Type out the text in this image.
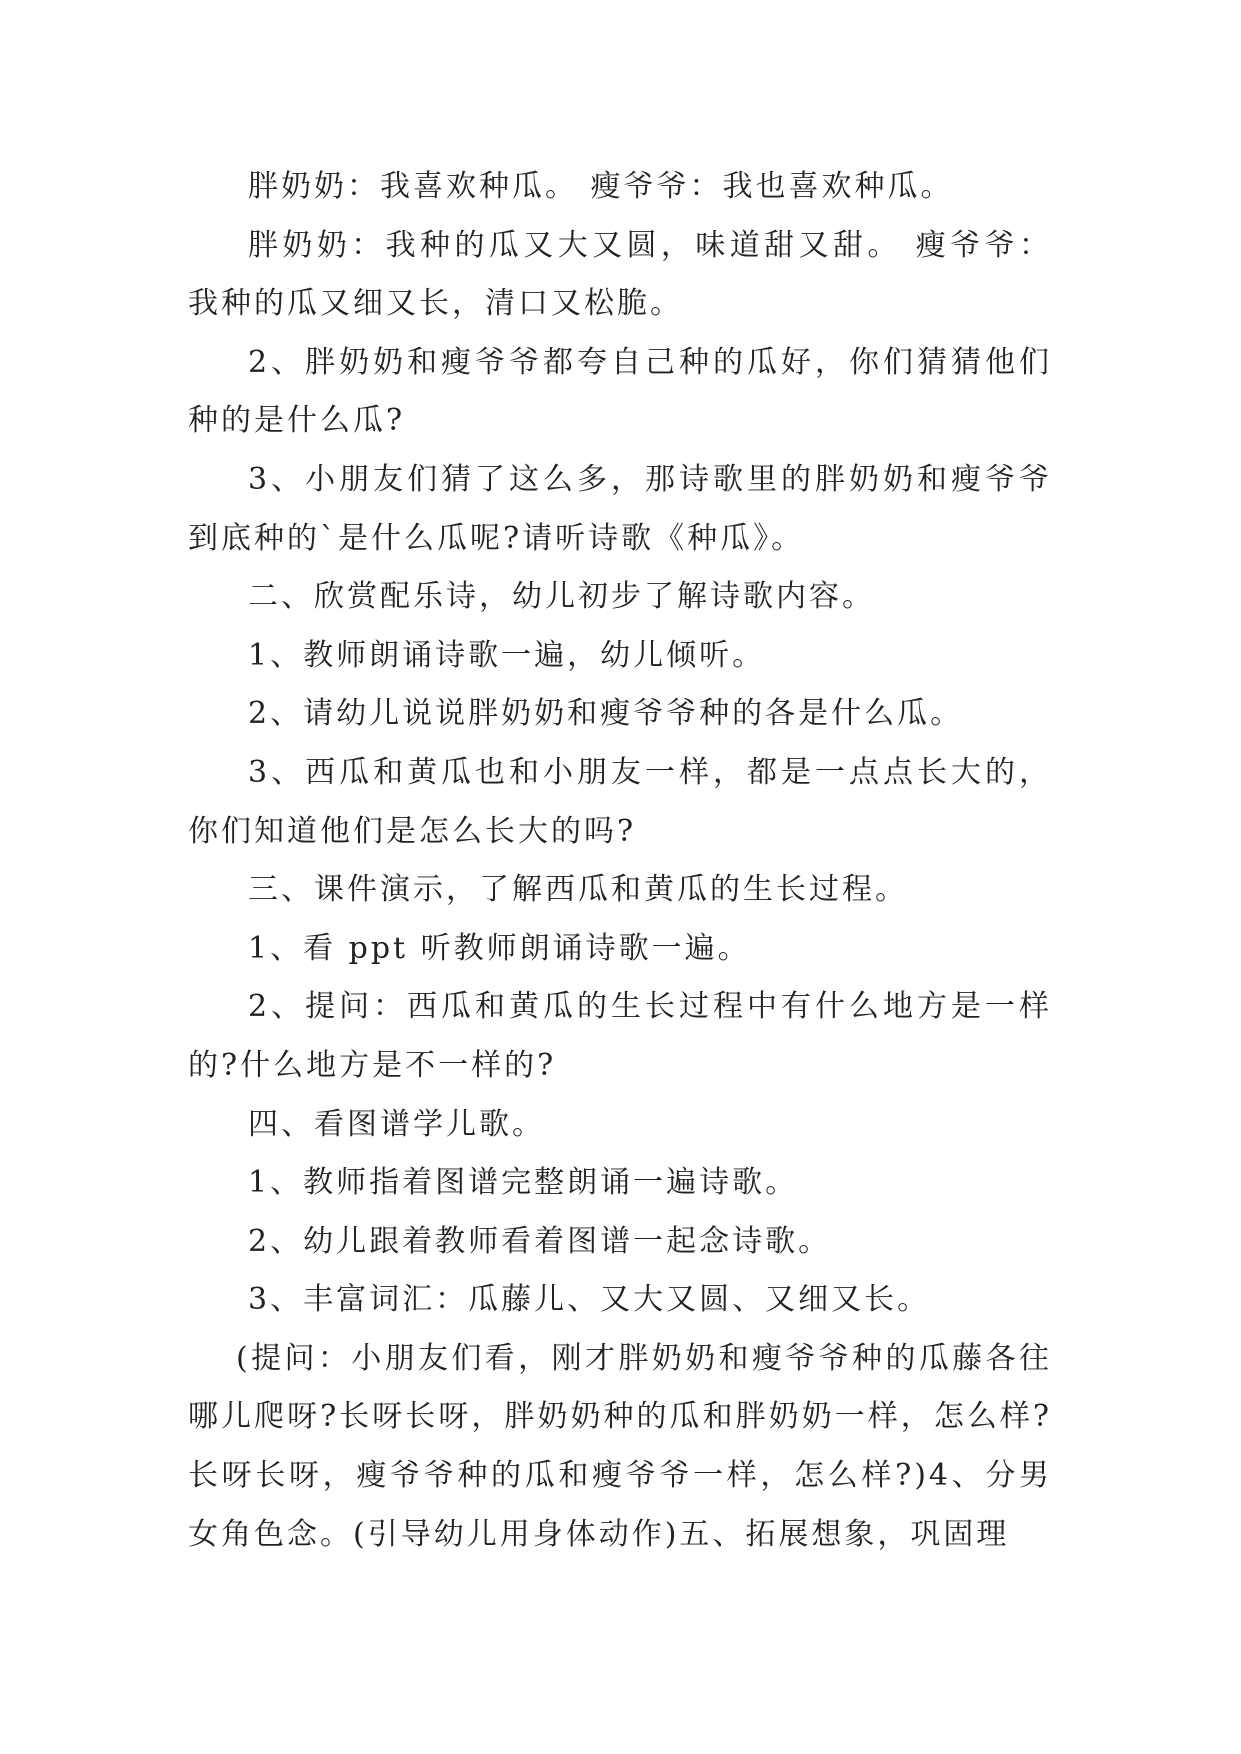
胖奶奶：我喜欢种瓜。 瘦爷爷：我也喜欢种瓜。

胖奶奶：我种的瓜又大又圆，味道甜又甜。 瘦爷爷：我种的瓜又细又长，清口又松脆。

2、胖奶奶和瘦爷爷都夸自己种的瓜好，你们猜猜他们种的是什么瓜?

3、小朋友们猜了这么多，那诗歌里的胖奶奶和瘦爷爷到底种的`是什么瓜呢?请听诗歌《种瓜》。

二、欣赏配乐诗，幼儿初步了解诗歌内容。

1、教师朗诵诗歌一遍，幼儿倾听。

2、请幼儿说说胖奶奶和瘦爷爷种的各是什么瓜。

3、西瓜和黄瓜也和小朋友一样，都是一点点长大的，你们知道他们是怎么长大的吗?

三、课件演示，了解西瓜和黄瓜的生长过程。

1、看 ppt 听教师朗诵诗歌一遍。

2、提问：西瓜和黄瓜的生长过程中有什么地方是一样的?什么地方是不一样的?

四、看图谱学儿歌。

1、教师指着图谱完整朗诵一遍诗歌。

2、幼儿跟着教师看着图谱一起念诗歌。

3、丰富词汇：瓜藤儿、又大又圆、又细又长。

(提问：小朋友们看，刚才胖奶奶和瘦爷爷种的瓜藤各往哪儿爬呀?长呀长呀，胖奶奶种的瓜和胖奶奶一样，怎么样?长呀长呀，瘦爷爷种的瓜和瘦爷爷一样，怎么样?)4、分男女角色念。(引导幼儿用身体动作)五、拓展想象，巩固理
